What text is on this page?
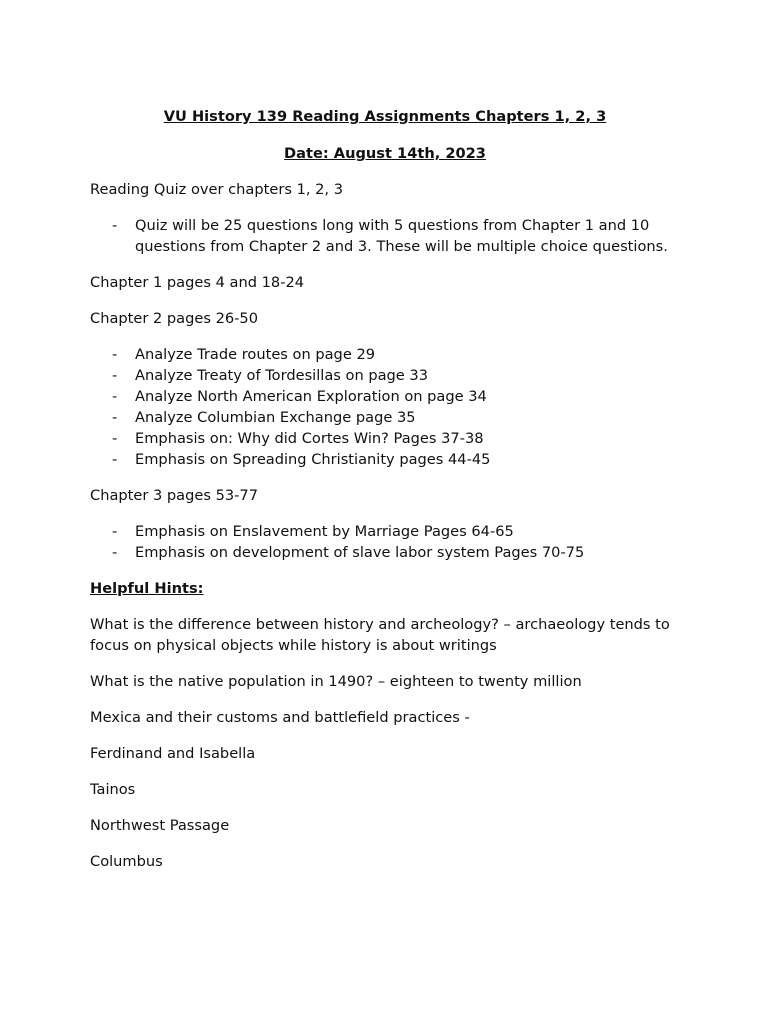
VU History 139 Reading Assignments Chapters 1, 2, 3

Date: August 14th, 2023

Reading Quiz over chapters 1, 2, 3

- Quiz will be 25 questions long with 5 questions from Chapter 1 and 10 questions from Chapter 2 and 3. These will be multiple choice questions.

Chapter 1 pages 4 and 18-24

Chapter 2 pages 26-50

- Analyze Trade routes on page 29
- Analyze Treaty of Tordesillas on page 33
- Analyze North American Exploration on page 34
- Analyze Columbian Exchange page 35
- Emphasis on: Why did Cortes Win? Pages 37-38
- Emphasis on Spreading Christianity pages 44-45

Chapter 3 pages 53-77

- Emphasis on Enslavement by Marriage Pages 64-65
- Emphasis on development of slave labor system Pages 70-75

Helpful Hints:

What is the difference between history and archeology? – archaeology tends to focus on physical objects while history is about writings

What is the native population in 1490? – eighteen to twenty million

Mexica and their customs and battlefield practices -

Ferdinand and Isabella

Tainos

Northwest Passage

Columbus
